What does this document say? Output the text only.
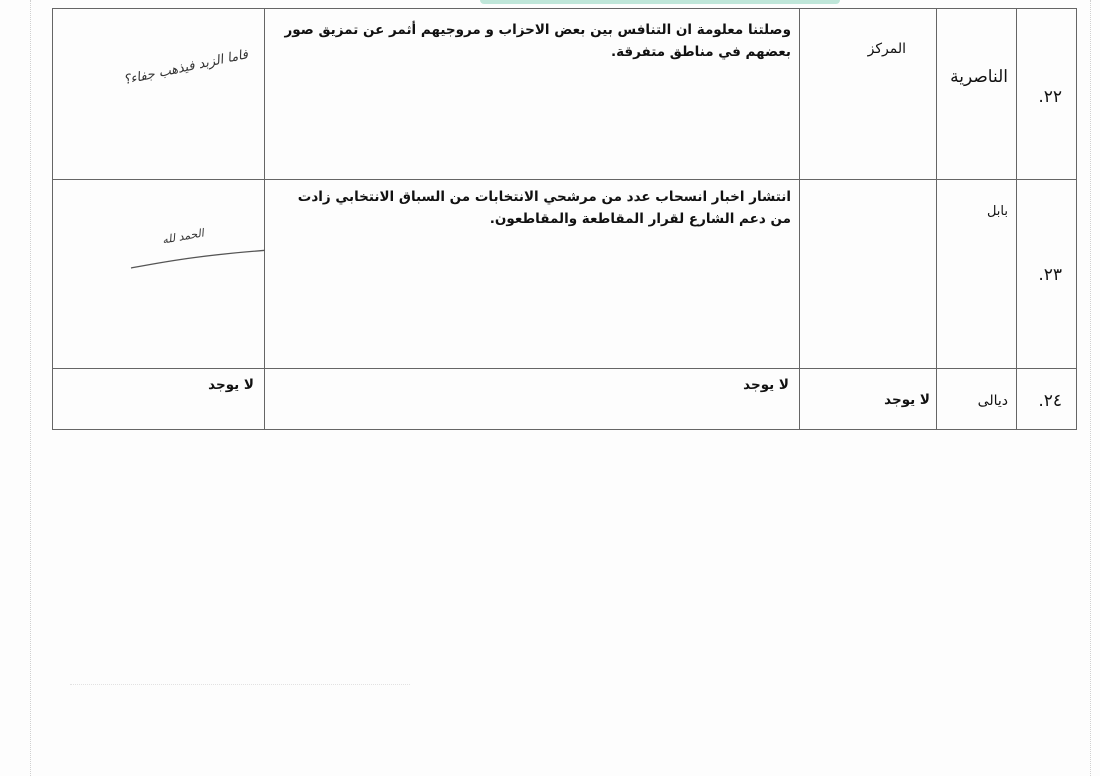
٢٢.	الناصرية	المركز	وصلتنا معلومة ان التنافس بين بعض الاحزاب و مروجيهم أثمر عن تمزيق صور بعضهم في مناطق متفرقة.	فاما الزبد فيذهب جفاء؟

٢٣.	بابل		انتشار اخبار انسحاب عدد من مرشحي الانتخابات من السباق الانتخابي زادت من دعم الشارع لقرار المقاطعة والمقاطعون.	الحمد لله

٢٤.	ديالى	لا يوجد	لا يوجد	لا يوجد
